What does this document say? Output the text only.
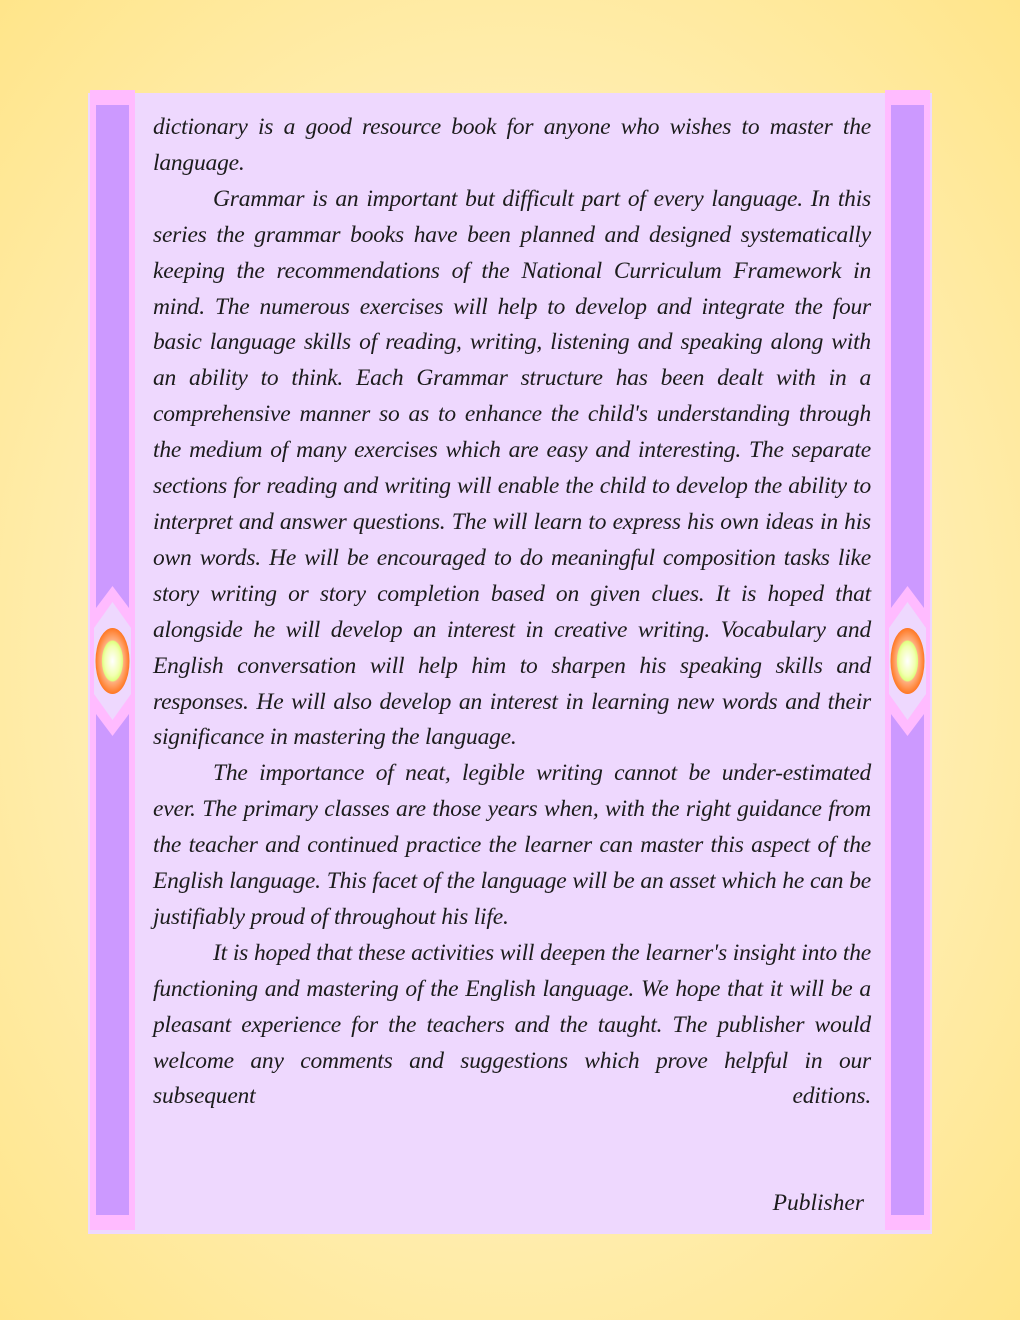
dictionary is a good resource book for anyone who wishes to master the language.

Grammar is an important but difficult part of every language. In this series the grammar books have been planned and designed systematically keeping the recommendations of the National Curriculum Framework in mind. The numerous exercises will help to develop and integrate the four basic language skills of reading, writing, listening and speaking along with an ability to think. Each Grammar structure has been dealt with in a comprehensive manner so as to enhance the child's understanding through the medium of many exercises which are easy and interesting. The separate sections for reading and writing will enable the child to develop the ability to interpret and answer questions. The will learn to express his own ideas in his own words. He will be encouraged to do meaningful composition tasks like story writing or story completion based on given clues. It is hoped that alongside he will develop an interest in creative writing. Vocabulary and English conversation will help him to sharpen his speaking skills and responses. He will also develop an interest in learning new words and their significance in mastering the language.

The importance of neat, legible writing cannot be under-estimated ever. The primary classes are those years when, with the right guidance from the teacher and continued practice the learner can master this aspect of the English language. This facet of the language will be an asset which he can be justifiably proud of throughout his life.

It is hoped that these activities will deepen the learner's insight into the functioning and mastering of the English language. We hope that it will be a pleasant experience for the teachers and the taught. The publisher would welcome any comments and suggestions which prove helpful in our subsequent editions.

Publisher
